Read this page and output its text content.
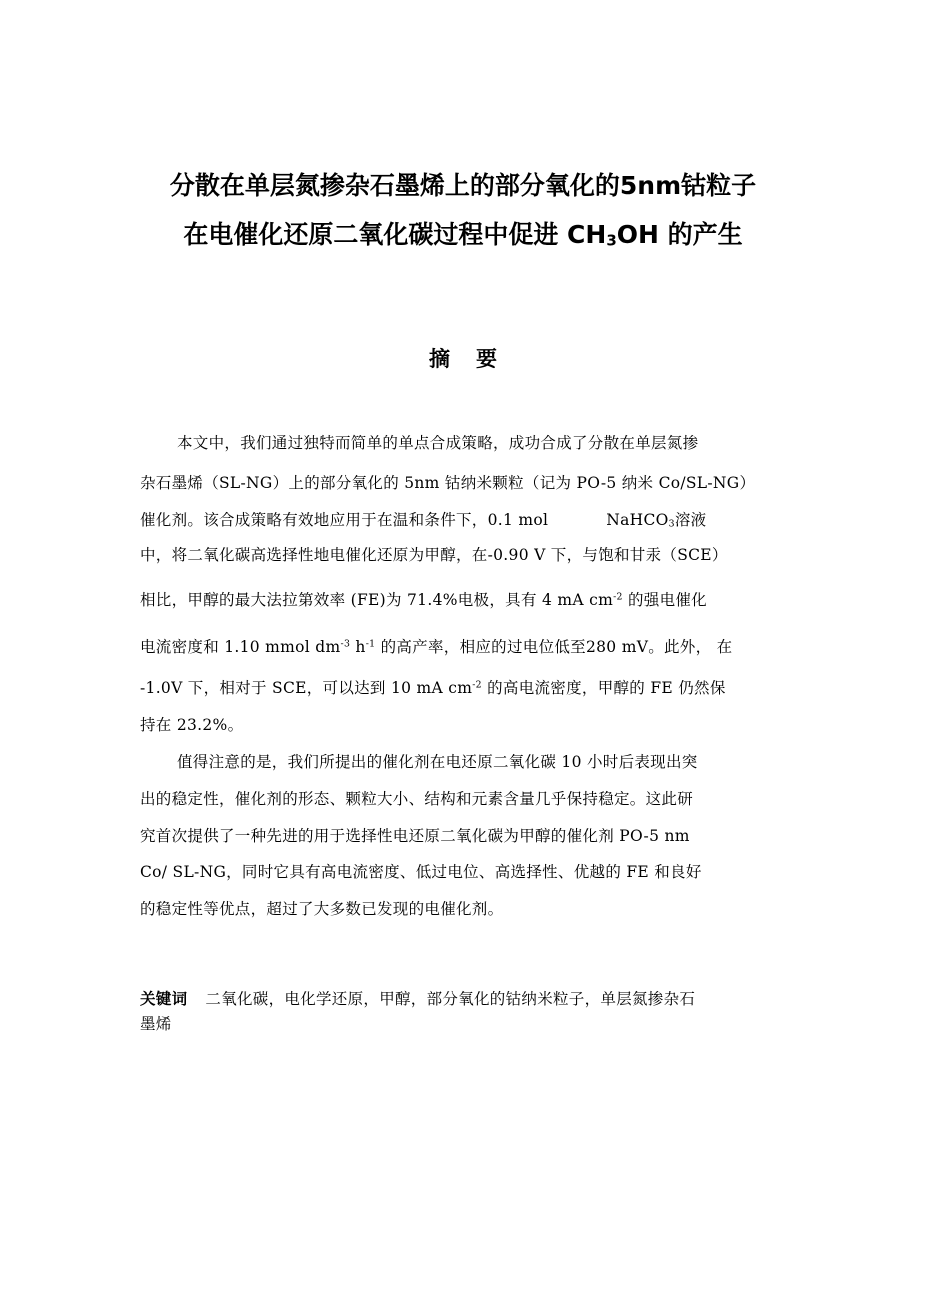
分散在单层氮掺杂石墨烯上的部分氧化的5nm钴粒子
在电催化还原二氧化碳过程中促进 CH3OH 的产生
摘要
本文中，我们通过独特而简单的单点合成策略，成功合成了分散在单层氮掺
杂石墨烯（SL-NG）上的部分氧化的 5nm 钴纳米颗粒（记为 PO-5 纳米 Co/SL-NG）
催化剂。该合成策略有效地应用于在温和条件下，0.1 mol	NaHCO3溶液
中，将二氧化碳高选择性地电催化还原为甲醇，在-0.90 V 下，与饱和甘汞（SCE）
相比，甲醇的最大法拉第效率 (FE)为 71.4%电极，具有 4 mA $cm^{-2}$ 的强电催化
电流密度和 1.10 mmol $dm^{-3}$ $h^{-1}$ 的高产率，相应的过电位低至280 mV。此外， 在
-1.0V 下，相对于 SCE，可以达到 10 mA $cm^{-2}$ 的高电流密度，甲醇的 FE 仍然保
持在 23.2%。
值得注意的是，我们所提出的催化剂在电还原二氧化碳 10 小时后表现出突
出的稳定性，催化剂的形态、颗粒大小、结构和元素含量几乎保持稳定。这此研
究首次提供了一种先进的用于选择性电还原二氧化碳为甲醇的催化剂 PO-5 nm
Co/ SL-NG，同时它具有高电流密度、低过电位、高选择性、优越的 FE 和良好
的稳定性等优点，超过了大多数已发现的电催化剂。
关键词 二氧化碳，电化学还原，甲醇，部分氧化的钴纳米粒子，单层氮掺杂石
墨烯
